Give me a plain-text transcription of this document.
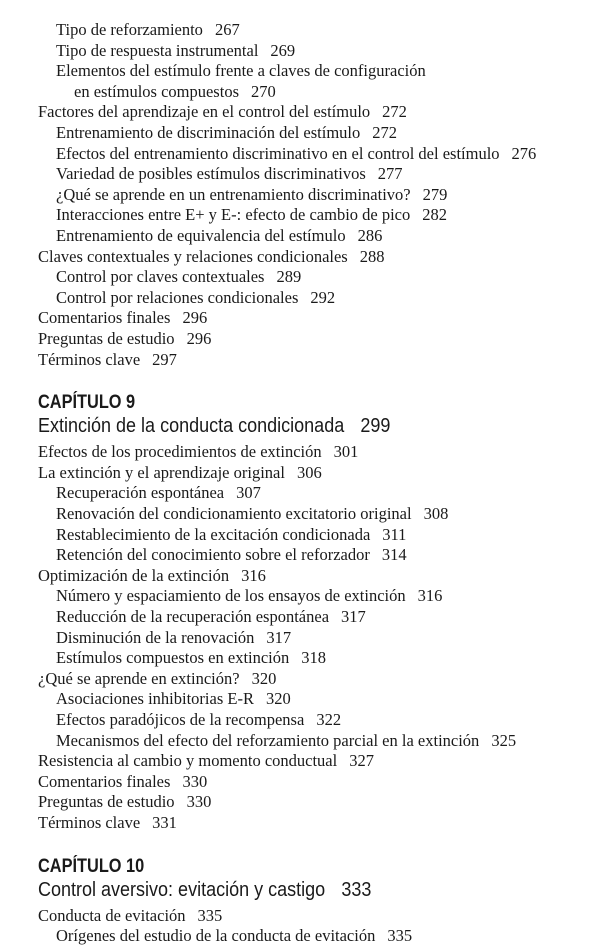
Tipo de reforzamiento 267
Tipo de respuesta instrumental 269
Elementos del estímulo frente a claves de configuración
en estímulos compuestos 270
Factores del aprendizaje en el control del estímulo 272
Entrenamiento de discriminación del estímulo 272
Efectos del entrenamiento discriminativo en el control del estímulo 276
Variedad de posibles estímulos discriminativos 277
¿Qué se aprende en un entrenamiento discriminativo? 279
Interacciones entre E+ y E-: efecto de cambio de pico 282
Entrenamiento de equivalencia del estímulo 286
Claves contextuales y relaciones condicionales 288
Control por claves contextuales 289
Control por relaciones condicionales 292
Comentarios finales 296
Preguntas de estudio 296
Términos clave 297
CAPÍTULO 9
Extinción de la conducta condicionada 299
Efectos de los procedimientos de extinción 301
La extinción y el aprendizaje original 306
Recuperación espontánea 307
Renovación del condicionamiento excitatorio original 308
Restablecimiento de la excitación condicionada 311
Retención del conocimiento sobre el reforzador 314
Optimización de la extinción 316
Número y espaciamiento de los ensayos de extinción 316
Reducción de la recuperación espontánea 317
Disminución de la renovación 317
Estímulos compuestos en extinción 318
¿Qué se aprende en extinción? 320
Asociaciones inhibitorias E-R 320
Efectos paradójicos de la recompensa 322
Mecanismos del efecto del reforzamiento parcial en la extinción 325
Resistencia al cambio y momento conductual 327
Comentarios finales 330
Preguntas de estudio 330
Términos clave 331
CAPÍTULO 10
Control aversivo: evitación y castigo 333
Conducta de evitación 335
Orígenes del estudio de la conducta de evitación 335
